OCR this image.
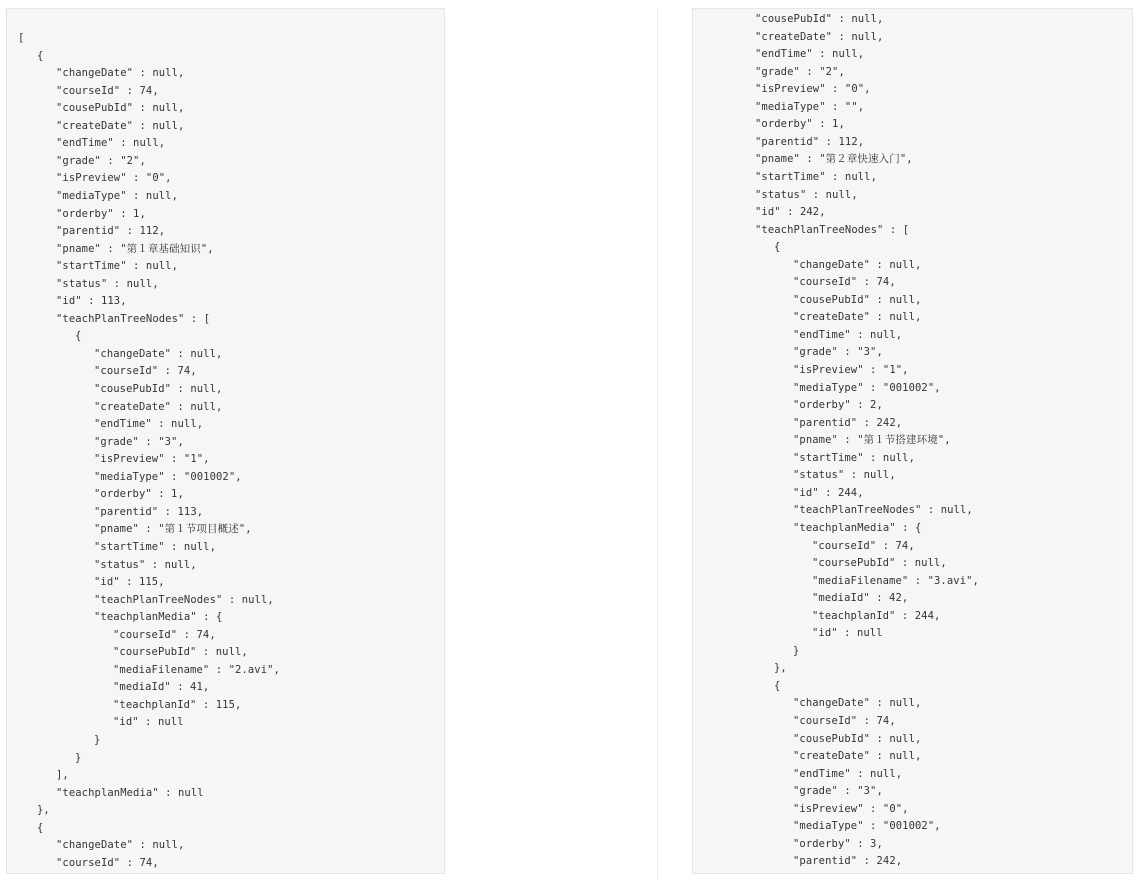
[
{
"changeDate" : null,
"courseId" : 74,
"cousePubId" : null,
"createDate" : null,
"endTime" : null,
"grade" : "2",
"isPreview" : "0",
"mediaType" : null,
"orderby" : 1,
"parentid" : 112,
"pname" : "第１章基础知识",
"startTime" : null,
"status" : null,
"id" : 113,
"teachPlanTreeNodes" : [
{
"changeDate" : null,
"courseId" : 74,
"cousePubId" : null,
"createDate" : null,
"endTime" : null,
"grade" : "3",
"isPreview" : "1",
"mediaType" : "001002",
"orderby" : 1,
"parentid" : 113,
"pname" : "第１节项目概述",
"startTime" : null,
"status" : null,
"id" : 115,
"teachPlanTreeNodes" : null,
"teachplanMedia" : {
"courseId" : 74,
"coursePubId" : null,
"mediaFilename" : "2.avi",
"mediaId" : 41,
"teachplanId" : 115,
"id" : null
}
}
],
"teachplanMedia" : null
},
{
"changeDate" : null,
"courseId" : 74,
"cousePubId" : null,
"createDate" : null,
"endTime" : null,
"grade" : "2",
"isPreview" : "0",
"mediaType" : "",
"orderby" : 1,
"parentid" : 112,
"pname" : "第２章快速入门",
"startTime" : null,
"status" : null,
"id" : 242,
"teachPlanTreeNodes" : [
{
"changeDate" : null,
"courseId" : 74,
"cousePubId" : null,
"createDate" : null,
"endTime" : null,
"grade" : "3",
"isPreview" : "1",
"mediaType" : "001002",
"orderby" : 2,
"parentid" : 242,
"pname" : "第１节搭建环境",
"startTime" : null,
"status" : null,
"id" : 244,
"teachPlanTreeNodes" : null,
"teachplanMedia" : {
"courseId" : 74,
"coursePubId" : null,
"mediaFilename" : "3.avi",
"mediaId" : 42,
"teachplanId" : 244,
"id" : null
}
},
{
"changeDate" : null,
"courseId" : 74,
"cousePubId" : null,
"createDate" : null,
"endTime" : null,
"grade" : "3",
"isPreview" : "0",
"mediaType" : "001002",
"orderby" : 3,
"parentid" : 242,
